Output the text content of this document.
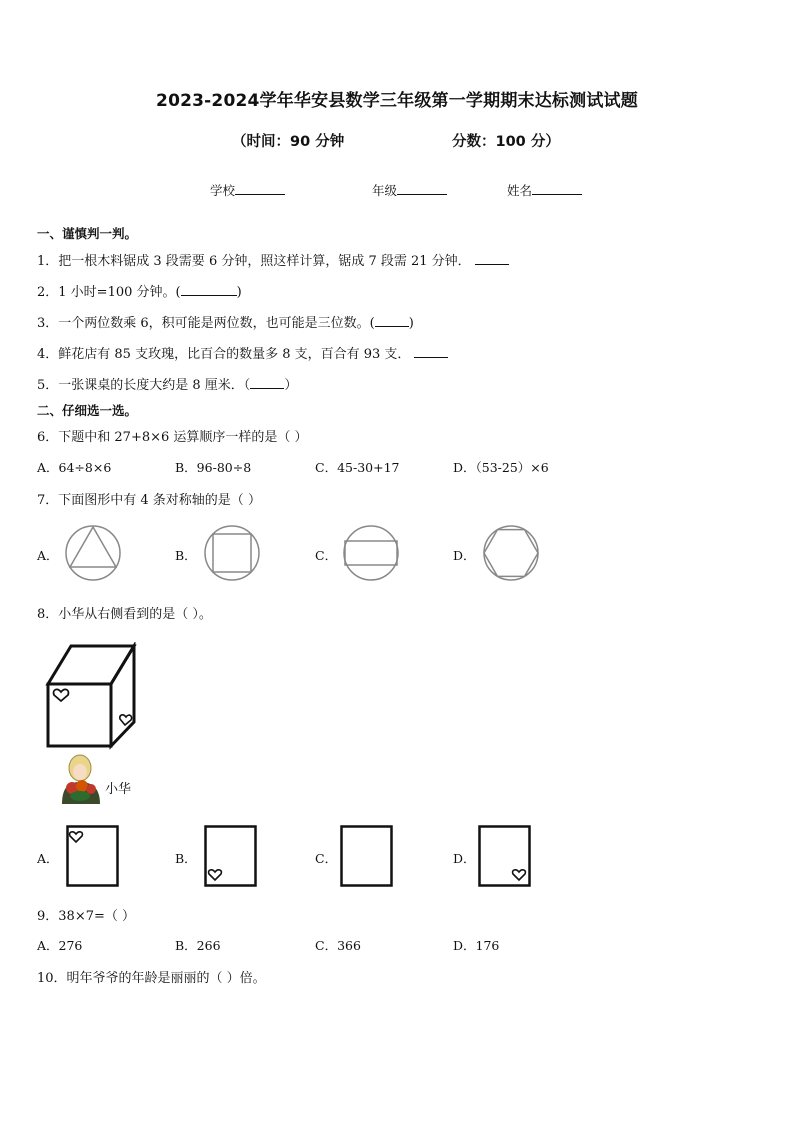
2023-2024学年华安县数学三年级第一学期期末达标测试试题
（时间：90 分钟	分数：100 分）
学校	年级	姓名
一、谨慎判一判。
1．把一根木料锯成 3 段需要 6 分钟，照这样计算，锯成 7 段需 21 分钟．
2．1 小时=100 分钟。(	)
3．一个两位数乘 6，积可能是两位数，也可能是三位数。(	)
4．鲜花店有 85 支玫瑰，比百合的数量多 8 支，百合有 93 支．
5．一张课桌的长度大约是 8 厘米．（	）
二、仔细选一选。
6．下题中和 27+8×6 运算顺序一样的是（ ）
A．64÷8×6	B．96-80÷8	C．45-30+17	D．（53-25）×6
7．下面图形中有 4 条对称轴的是（ ）
A．	B．	C．	D．
8．小华从右侧看到的是（ ）。
小华
A．	B．	C．	D．
9．38×7=（ ）
A．276	B．266	C．366	D．176
10．明年爷爷的年龄是丽丽的（ ）倍。
